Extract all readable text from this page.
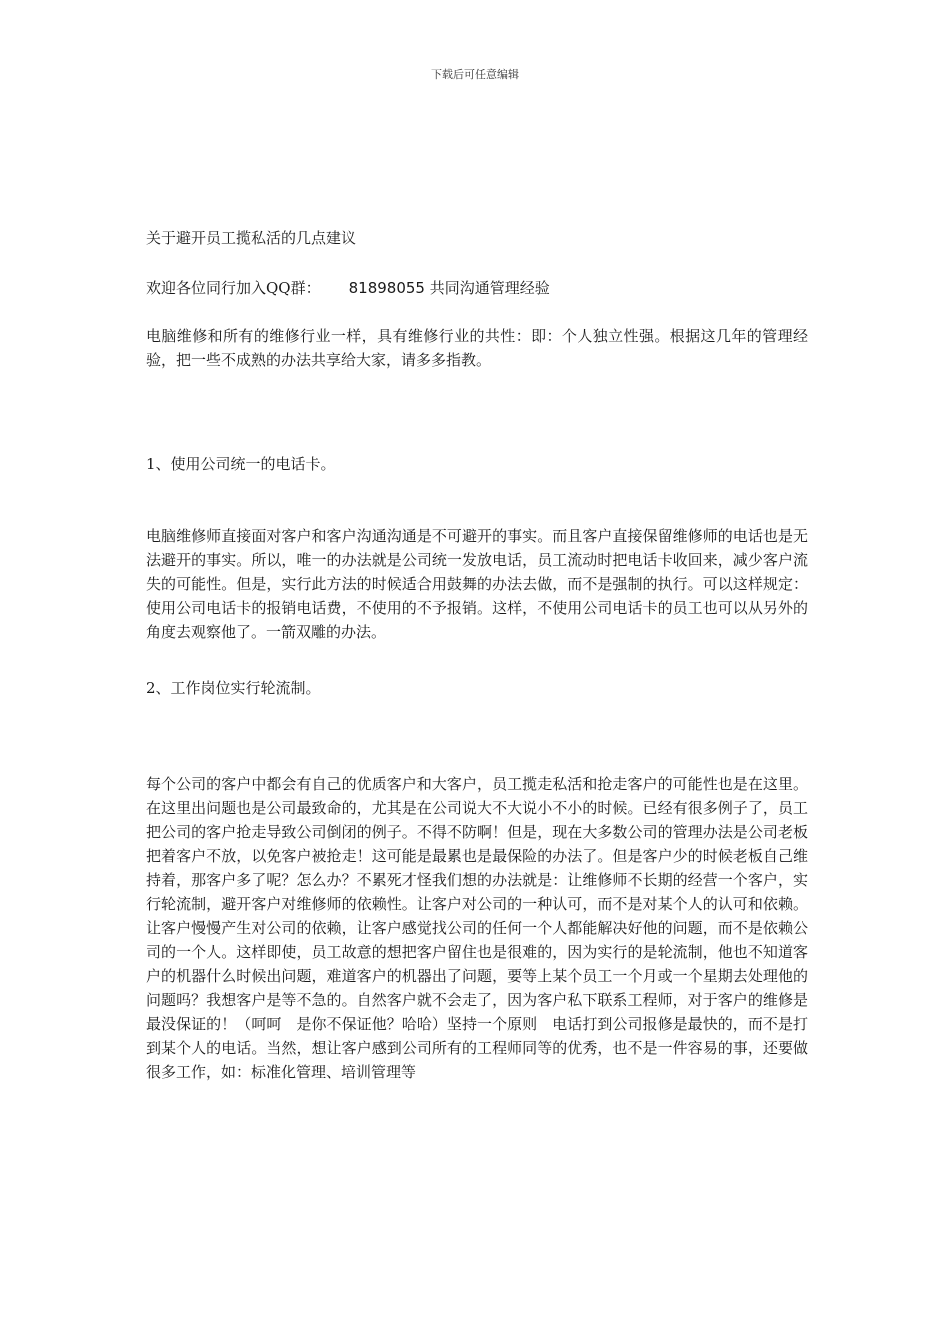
下载后可任意编辑
关于避开员工揽私活的几点建议
欢迎各位同行加入QQ群： 81898055 共同沟通管理经验

电脑维修和所有的维修行业一样，具有维修行业的共性：即：个人独立性强。根据这几年的管理经验，把一些不成熟的办法共享给大家，请多多指教。

1、使用公司统一的电话卡。

电脑维修师直接面对客户和客户沟通沟通是不可避开的事实。而且客户直接保留维修师的电话也是无法避开的事实。所以，唯一的办法就是公司统一发放电话，员工流动时把电话卡收回来，减少客户流失的可能性。但是，实行此方法的时候适合用鼓舞的办法去做，而不是强制的执行。可以这样规定：使用公司电话卡的报销电话费，不使用的不予报销。这样，不使用公司电话卡的员工也可以从另外的角度去观察他了。一箭双雕的办法。

2、工作岗位实行轮流制。

每个公司的客户中都会有自己的优质客户和大客户，员工揽走私活和抢走客户的可能性也是在这里。在这里出问题也是公司最致命的，尤其是在公司说大不大说小不小的时候。已经有很多例子了，员工把公司的客户抢走导致公司倒闭的例子。不得不防啊！但是，现在大多数公司的管理办法是公司老板把着客户不放，以免客户被抢走！这可能是最累也是最保险的办法了。但是客户少的时候老板自己维持着，那客户多了呢？怎么办？不累死才怪我们想的办法就是：让维修师不长期的经营一个客户，实行轮流制，避开客户对维修师的依赖性。让客户对公司的一种认可，而不是对某个人的认可和依赖。让客户慢慢产生对公司的依赖，让客户感觉找公司的任何一个人都能解决好他的问题，而不是依赖公司的一个人。这样即使，员工故意的想把客户留住也是很难的，因为实行的是轮流制，他也不知道客户的机器什么时候出问题，难道客户的机器出了问题，要等上某个员工一个月或一个星期去处理他的问题吗？我想客户是等不急的。自然客户就不会走了，因为客户私下联系工程师，对于客户的维修是最没保证的！（呵呵　是你不保证他？哈哈）坚持一个原则　电话打到公司报修是最快的，而不是打到某个人的电话。当然，想让客户感到公司所有的工程师同等的优秀，也不是一件容易的事，还要做很多工作，如：标准化管理、培训管理等
